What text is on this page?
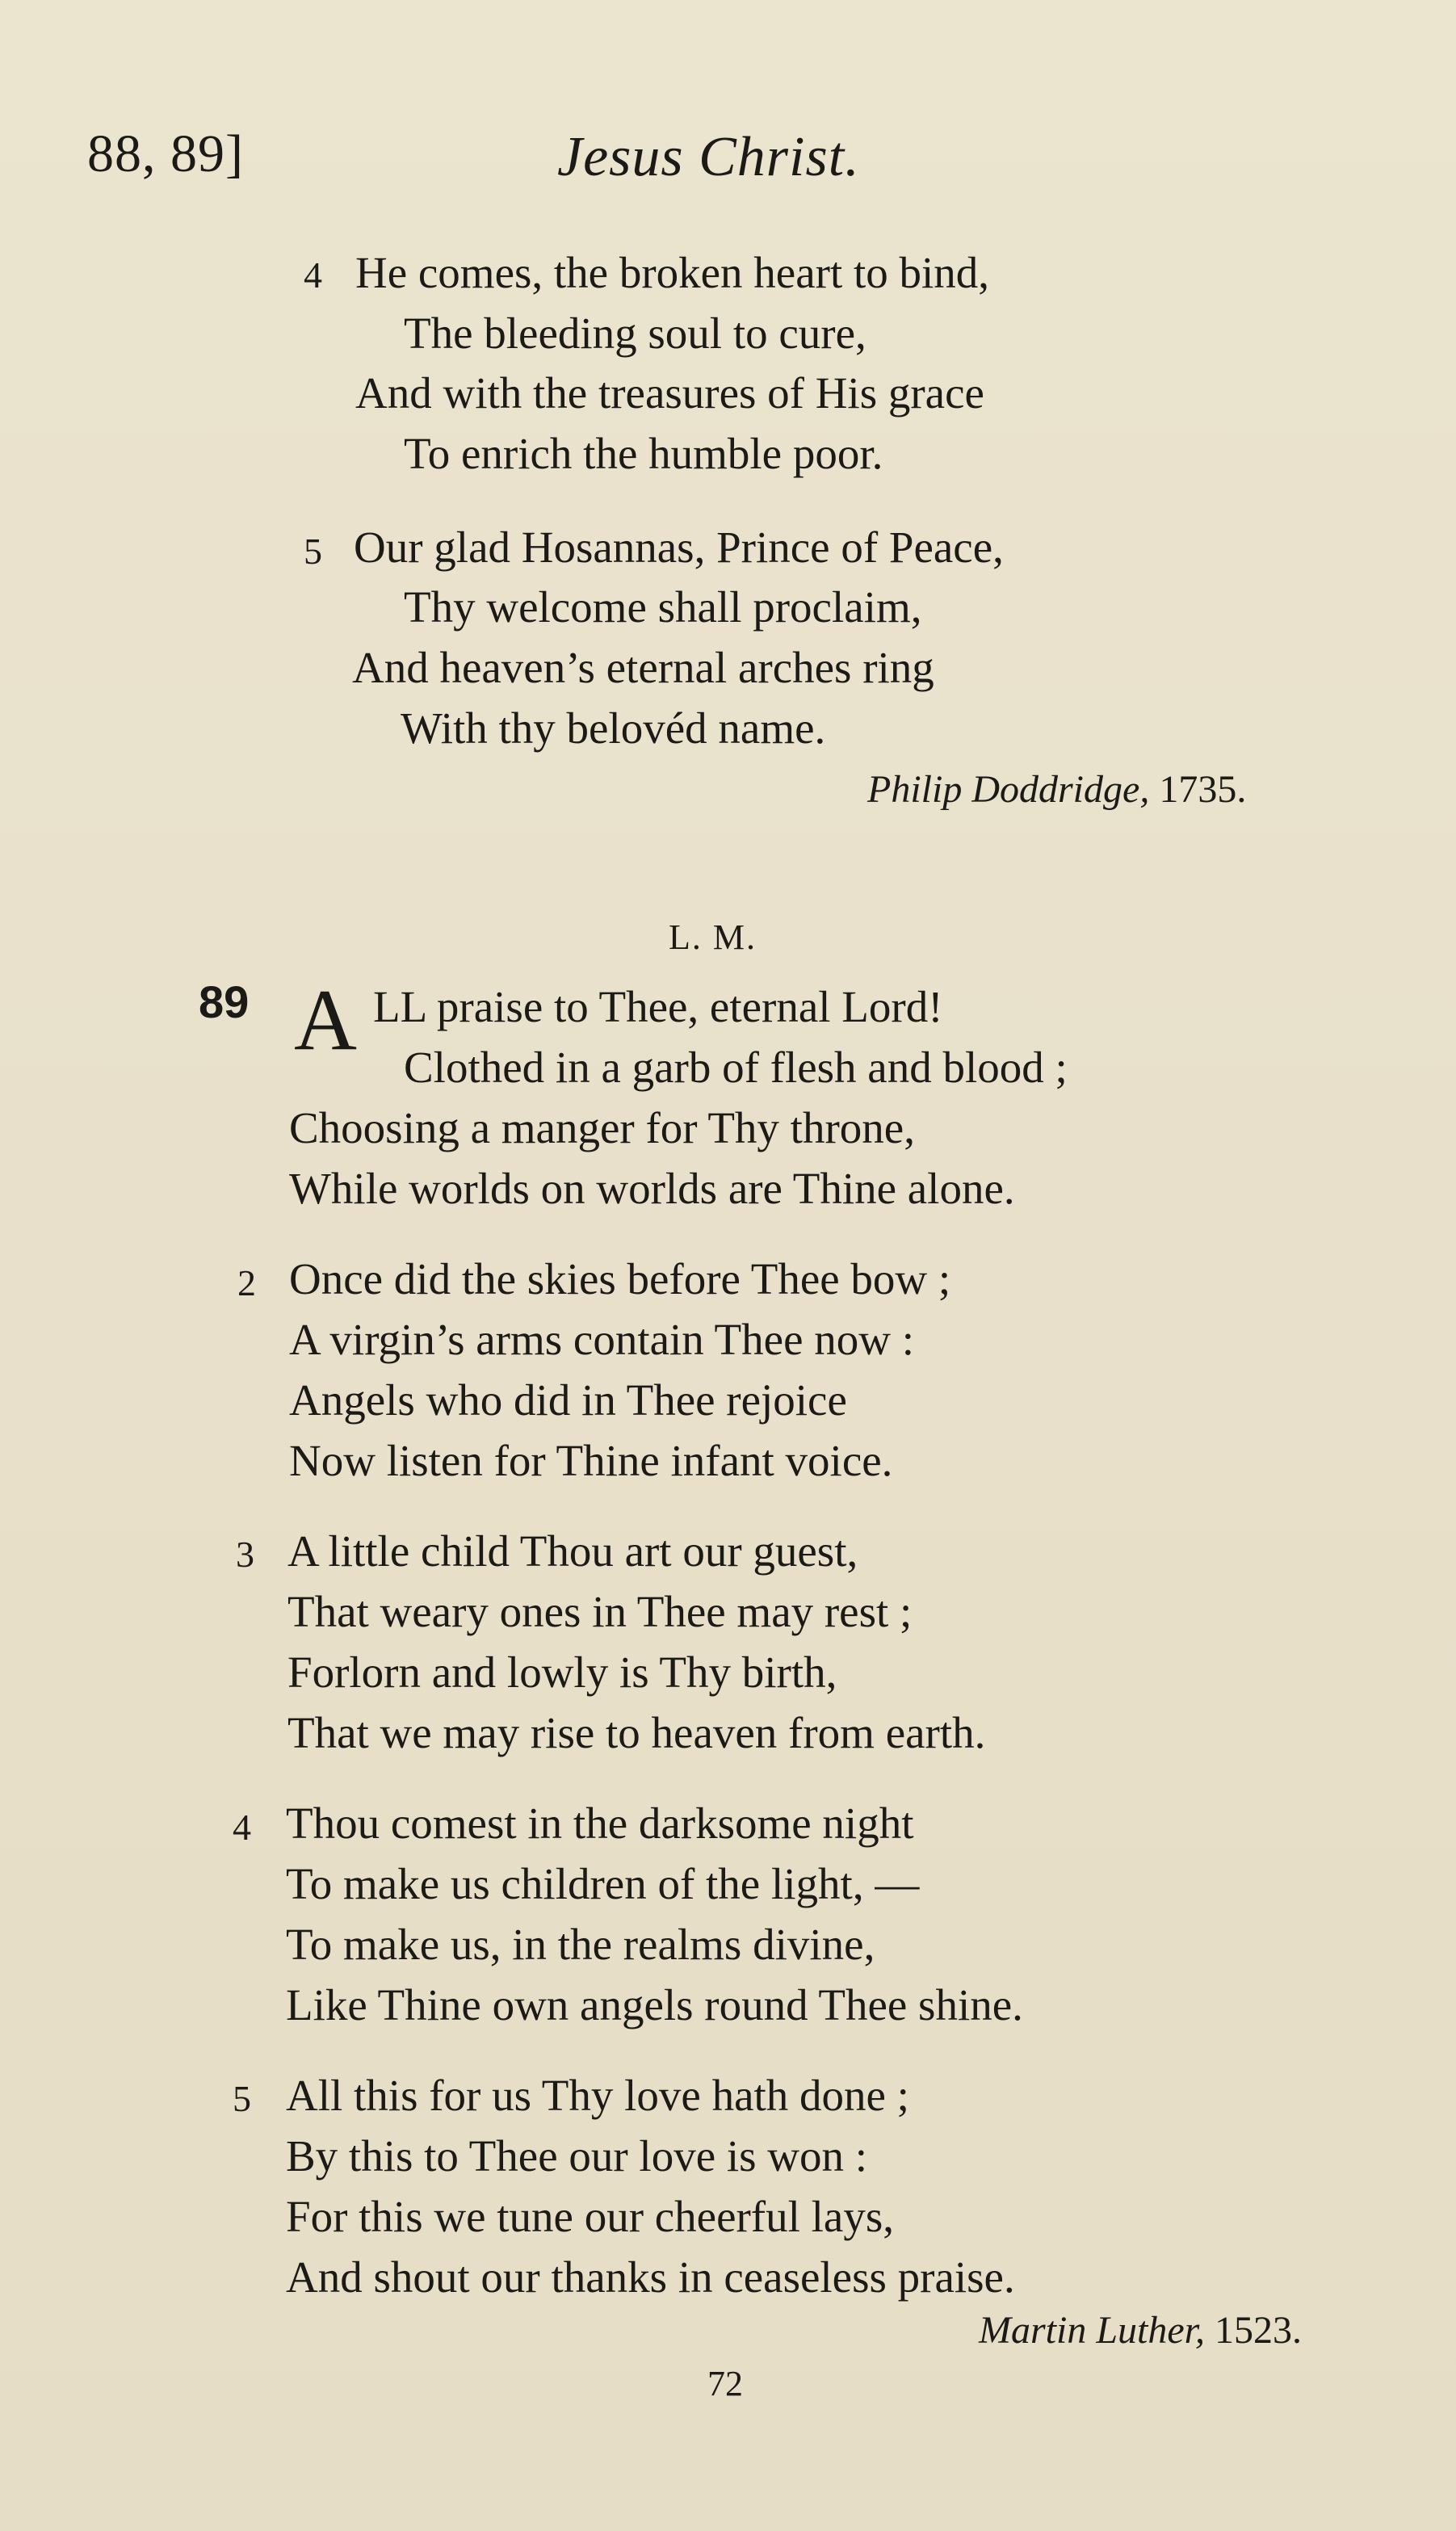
88, 89]	Jesus Christ.
4 He comes, the broken heart to bind,
The bleeding soul to cure,
And with the treasures of His grace
To enrich the humble poor.
5 Our glad Hosannas, Prince of Peace,
Thy welcome shall proclaim,
And heaven’s eternal arches ring
With thy belovéd name.
Philip Doddridge, 1735.
L. M.
89 A LL praise to Thee, eternal Lord!
Clothed in a garb of flesh and blood ;
Choosing a manger for Thy throne,
While worlds on worlds are Thine alone.
2 Once did the skies before Thee bow ;
A virgin’s arms contain Thee now :
Angels who did in Thee rejoice
Now listen for Thine infant voice.
3 A little child Thou art our guest,
That weary ones in Thee may rest ;
Forlorn and lowly is Thy birth,
That we may rise to heaven from earth.
4 Thou comest in the darksome night
To make us children of the light, —
To make us, in the realms divine,
Like Thine own angels round Thee shine.
5 All this for us Thy love hath done ;
By this to Thee our love is won :
For this we tune our cheerful lays,
And shout our thanks in ceaseless praise.
Martin Luther, 1523.
72
